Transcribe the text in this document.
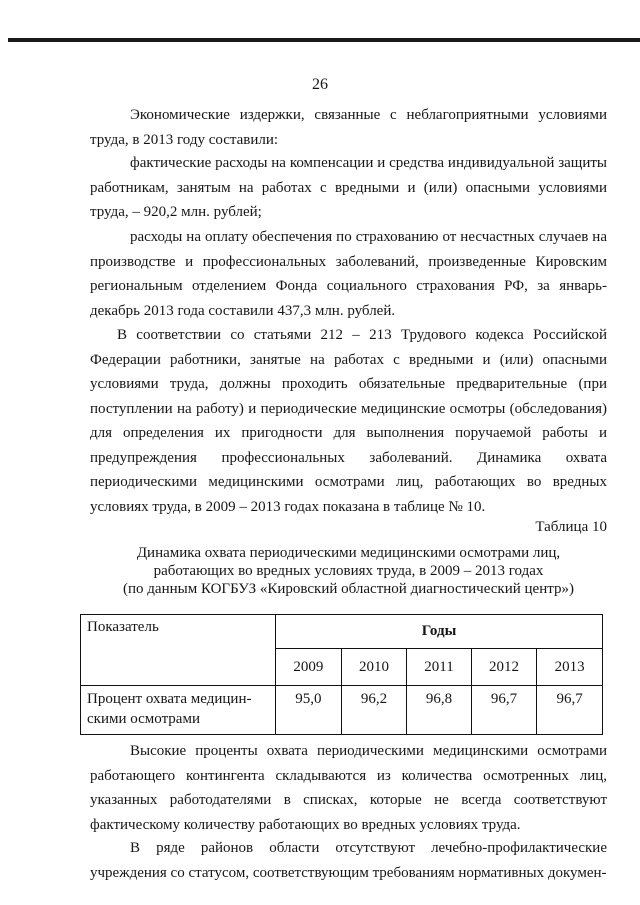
26

Экономические издержки, связанные с неблагоприятными условиями труда, в 2013 году составили:

фактические расходы на компенсации и средства индивидуальной защиты работникам, занятым на работах с вредными и (или) опасными условиями труда, – 920,2 млн. рублей;

расходы на оплату обеспечения по страхованию от несчастных случаев на производстве и профессиональных заболеваний, произведенные Кировским региональным отделением Фонда социального страхования РФ, за январь-декабрь 2013 года составили 437,3 млн. рублей.

В соответствии со статьями 212 – 213 Трудового кодекса Российской Федерации работники, занятые на работах с вредными и (или) опасными условиями труда, должны проходить обязательные предварительные (при поступлении на работу) и периодические медицинские осмотры (обследования) для определения их пригодности для выполнения поручаемой работы и предупреждения профессиональных заболеваний. Динамика охвата периодическими медицинскими осмотрами лиц, работающих во вредных условиях труда, в 2009 – 2013 годах показана в таблице № 10.

Таблица 10
Динамика охвата периодическими медицинскими осмотрами лиц,
работающих во вредных условиях труда, в 2009 – 2013 годах
(по данным КОГБУЗ «Кировский областной диагностический центр»)
Показатель	Годы				
	2009	2010	2011	2012	2013
Процент охвата медицин-скими осмотрами	95,0	96,2	96,8	96,7	96,7

Высокие проценты охвата периодическими медицинскими осмотрами работающего контингента складываются из количества осмотренных лиц, указанных работодателями в списках, которые не всегда соответствуют фактическому количеству работающих во вредных условиях труда.

В ряде районов области отсутствуют лечебно-профилактические учреждения со статусом, соответствующим требованиям нормативных докумен-
